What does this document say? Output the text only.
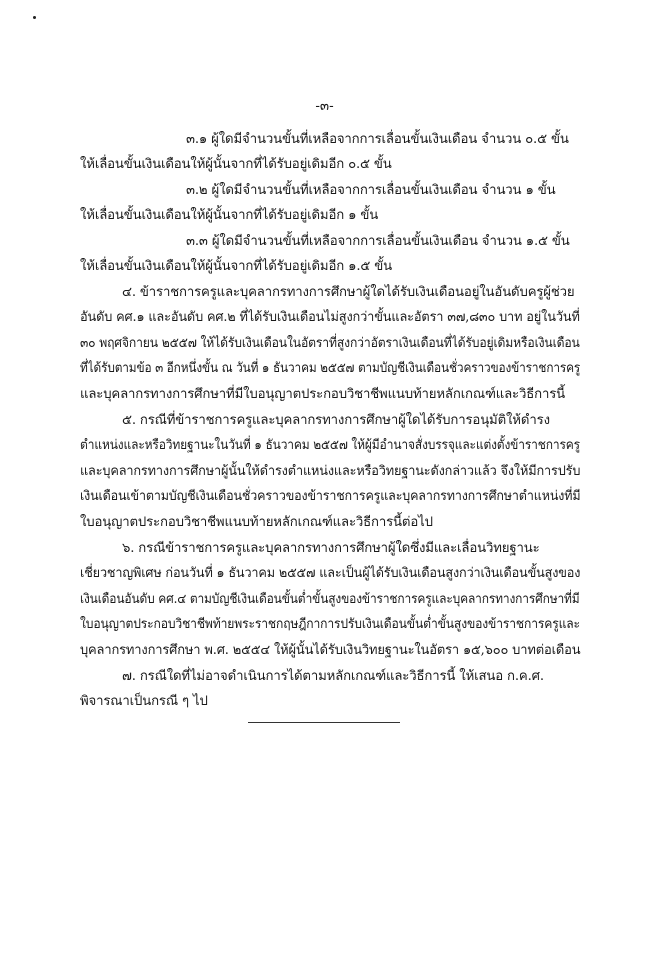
-๓-
๓.๑ ผู้ใดมีจำนวนขั้นที่เหลือจากการเลื่อนขั้นเงินเดือน จำนวน ๐.๕ ขั้น
ให้เลื่อนขั้นเงินเดือนให้ผู้นั้นจากที่ได้รับอยู่เดิมอีก ๐.๕ ขั้น
๓.๒ ผู้ใดมีจำนวนขั้นที่เหลือจากการเลื่อนขั้นเงินเดือน จำนวน ๑ ขั้น
ให้เลื่อนขั้นเงินเดือนให้ผู้นั้นจากที่ได้รับอยู่เดิมอีก ๑ ขั้น
๓.๓ ผู้ใดมีจำนวนขั้นที่เหลือจากการเลื่อนขั้นเงินเดือน จำนวน ๑.๕ ขั้น
ให้เลื่อนขั้นเงินเดือนให้ผู้นั้นจากที่ได้รับอยู่เดิมอีก ๑.๕ ขั้น
๔. ข้าราชการครูและบุคลากรทางการศึกษาผู้ใดได้รับเงินเดือนอยู่ในอันดับครูผู้ช่วย
อันดับ คศ.๑ และอันดับ คศ.๒ ที่ได้รับเงินเดือนไม่สูงกว่าขั้นและอัตรา ๓๗,๘๓๐ บาท อยู่ในวันที่
๓๐ พฤศจิกายน ๒๕๕๗ ให้ได้รับเงินเดือนในอัตราที่สูงกว่าอัตราเงินเดือนที่ได้รับอยู่เดิมหรือเงินเดือน
ที่ได้รับตามข้อ ๓ อีกหนึ่งขั้น ณ วันที่ ๑ ธันวาคม ๒๕๕๗ ตามบัญชีเงินเดือนชั่วคราวของข้าราชการครู
และบุคลากรทางการศึกษาที่มีใบอนุญาตประกอบวิชาชีพแนบท้ายหลักเกณฑ์และวิธีการนี้
๕. กรณีที่ข้าราชการครูและบุคลากรทางการศึกษาผู้ใดได้รับการอนุมัติให้ดำรง
ตำแหน่งและหรือวิทยฐานะในวันที่ ๑ ธันวาคม ๒๕๕๗ ให้ผู้มีอำนาจสั่งบรรจุและแต่งตั้งข้าราชการครู
และบุคลากรทางการศึกษาผู้นั้นให้ดำรงตำแหน่งและหรือวิทยฐานะดังกล่าวแล้ว จึงให้มีการปรับ
เงินเดือนเข้าตามบัญชีเงินเดือนชั่วคราวของข้าราชการครูและบุคลากรทางการศึกษาตำแหน่งที่มี
ใบอนุญาตประกอบวิชาชีพแนบท้ายหลักเกณฑ์และวิธีการนี้ต่อไป
๖. กรณีข้าราชการครูและบุคลากรทางการศึกษาผู้ใดซึ่งมีและเลื่อนวิทยฐานะ
เชี่ยวชาญพิเศษ ก่อนวันที่ ๑ ธันวาคม ๒๕๕๗ และเป็นผู้ได้รับเงินเดือนสูงกว่าเงินเดือนขั้นสูงของ
เงินเดือนอันดับ คศ.๔ ตามบัญชีเงินเดือนขั้นต่ำขั้นสูงของข้าราชการครูและบุคลากรทางการศึกษาที่มี
ใบอนุญาตประกอบวิชาชีพท้ายพระราชกฤษฎีกาการปรับเงินเดือนขั้นต่ำขั้นสูงของข้าราชการครูและ
บุคลากรทางการศึกษา พ.ศ. ๒๕๕๔ ให้ผู้นั้นได้รับเงินวิทยฐานะในอัตรา ๑๕,๖๐๐ บาทต่อเดือน
๗. กรณีใดที่ไม่อาจดำเนินการได้ตามหลักเกณฑ์และวิธีการนี้ ให้เสนอ ก.ค.ศ.
พิจารณาเป็นกรณี ๆ ไป
